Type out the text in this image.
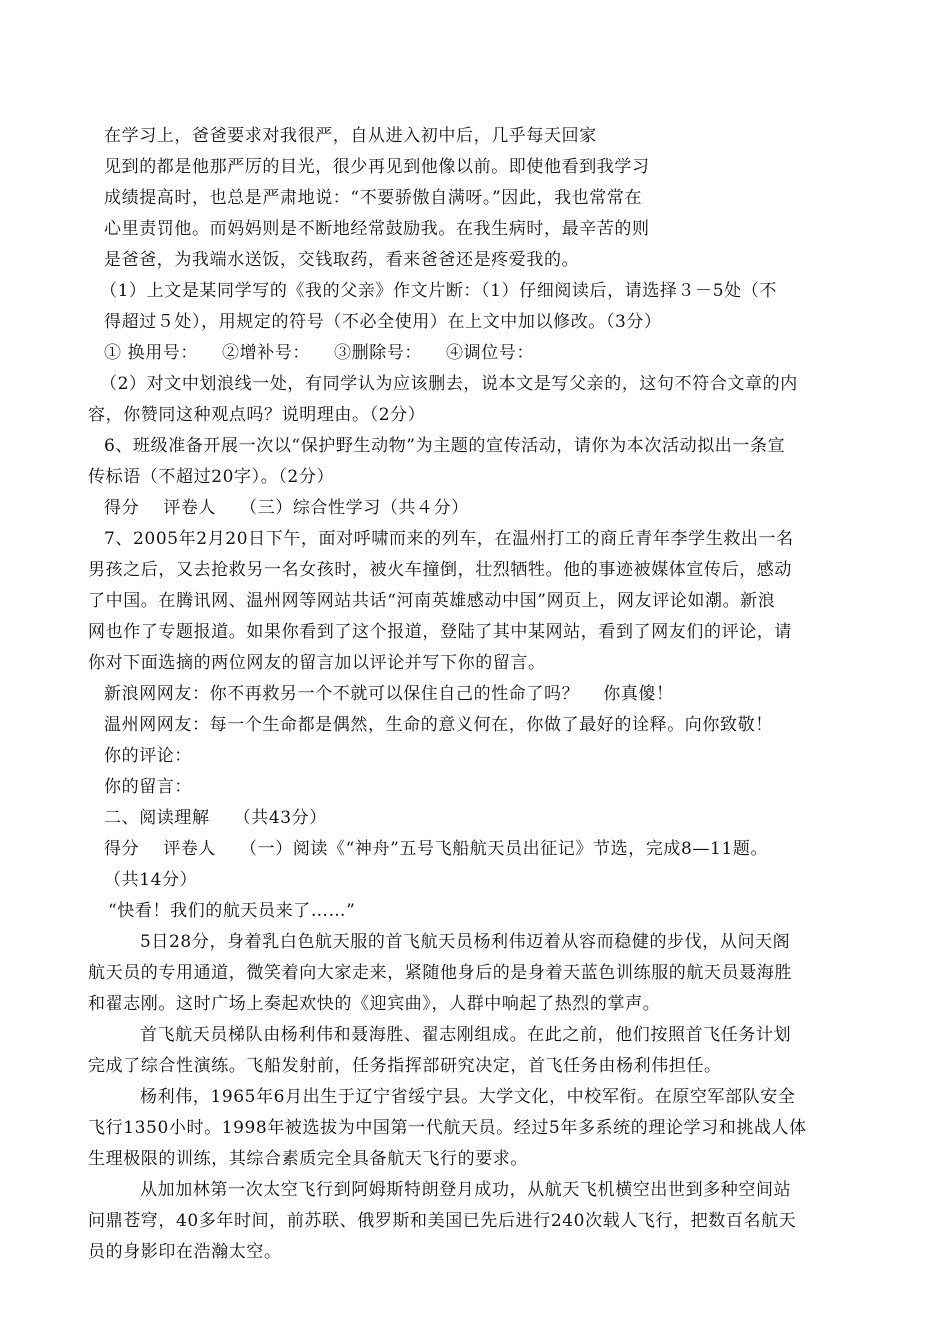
在学习上，爸爸要求对我很严，自从进入初中后，几乎每天回家
见到的都是他那严厉的目光，很少再见到他像以前。即使他看到我学习
成绩提高时，也总是严肃地说：“不要骄傲自满呀。”因此，我也常常在
心里责罚他。而妈妈则是不断地经常鼓励我。在我生病时，最辛苦的则
是爸爸，为我端水送饭，交钱取药，看来爸爸还是疼爱我的。
（1）上文是某同学写的《我的父亲》作文片断：（1）仔细阅读后，请选择３－5处（不
得超过５处），用规定的符号（不必全使用）在上文中加以修改。（3分）
① 换用号：    ②增补号：    ③删除号：    ④调位号：
（2）对文中划浪线一处，有同学认为应该删去，说本文是写父亲的，这句不符合文章的内
容，你赞同这种观点吗？说明理由。（2分）
6、班级准备开展一次以“保护野生动物”为主题的宣传活动，请你为本次活动拟出一条宣
传标语（不超过20字）。（2分）
得分    评卷人    （三）综合性学习（共４分）
7、2005年2月20日下午，面对呼啸而来的列车，在温州打工的商丘青年李学生救出一名
男孩之后，又去抢救另一名女孩时，被火车撞倒，壮烈牺牲。他的事迹被媒体宣传后，感动
了中国。在腾讯网、温州网等网站共话“河南英雄感动中国”网页上，网友评论如潮。新浪
网也作了专题报道。如果你看到了这个报道，登陆了其中某网站，看到了网友们的评论，请
你对下面选摘的两位网友的留言加以评论并写下你的留言。
新浪网网友：你不再救另一个不就可以保住自己的性命了吗？    你真傻！
温州网网友：每一个生命都是偶然，生命的意义何在，你做了最好的诠释。向你致敬！
你的评论：
你的留言：
二、阅读理解    （共43分）
得分    评卷人    （一）阅读《“神舟”五号飞船航天员出征记》节选，完成8—11题。
（共14分）
“快看！我们的航天员来了……”
5日28分，身着乳白色航天服的首飞航天员杨利伟迈着从容而稳健的步伐，从问天阁
航天员的专用通道，微笑着向大家走来，紧随他身后的是身着天蓝色训练服的航天员聂海胜
和翟志刚。这时广场上奏起欢快的《迎宾曲》，人群中响起了热烈的掌声。
首飞航天员梯队由杨利伟和聂海胜、翟志刚组成。在此之前，他们按照首飞任务计划
完成了综合性演练。飞船发射前，任务指挥部研究决定，首飞任务由杨利伟担任。
杨利伟，1965年6月出生于辽宁省绥宁县。大学文化，中校军衔。在原空军部队安全
飞行1350小时。1998年被选拔为中国第一代航天员。经过5年多系统的理论学习和挑战人体
生理极限的训练，其综合素质完全具备航天飞行的要求。
从加加林第一次太空飞行到阿姆斯特朗登月成功，从航天飞机横空出世到多种空间站
问鼎苍穹，40多年时间，前苏联、俄罗斯和美国已先后进行240次载人飞行，把数百名航天
员的身影印在浩瀚太空。
